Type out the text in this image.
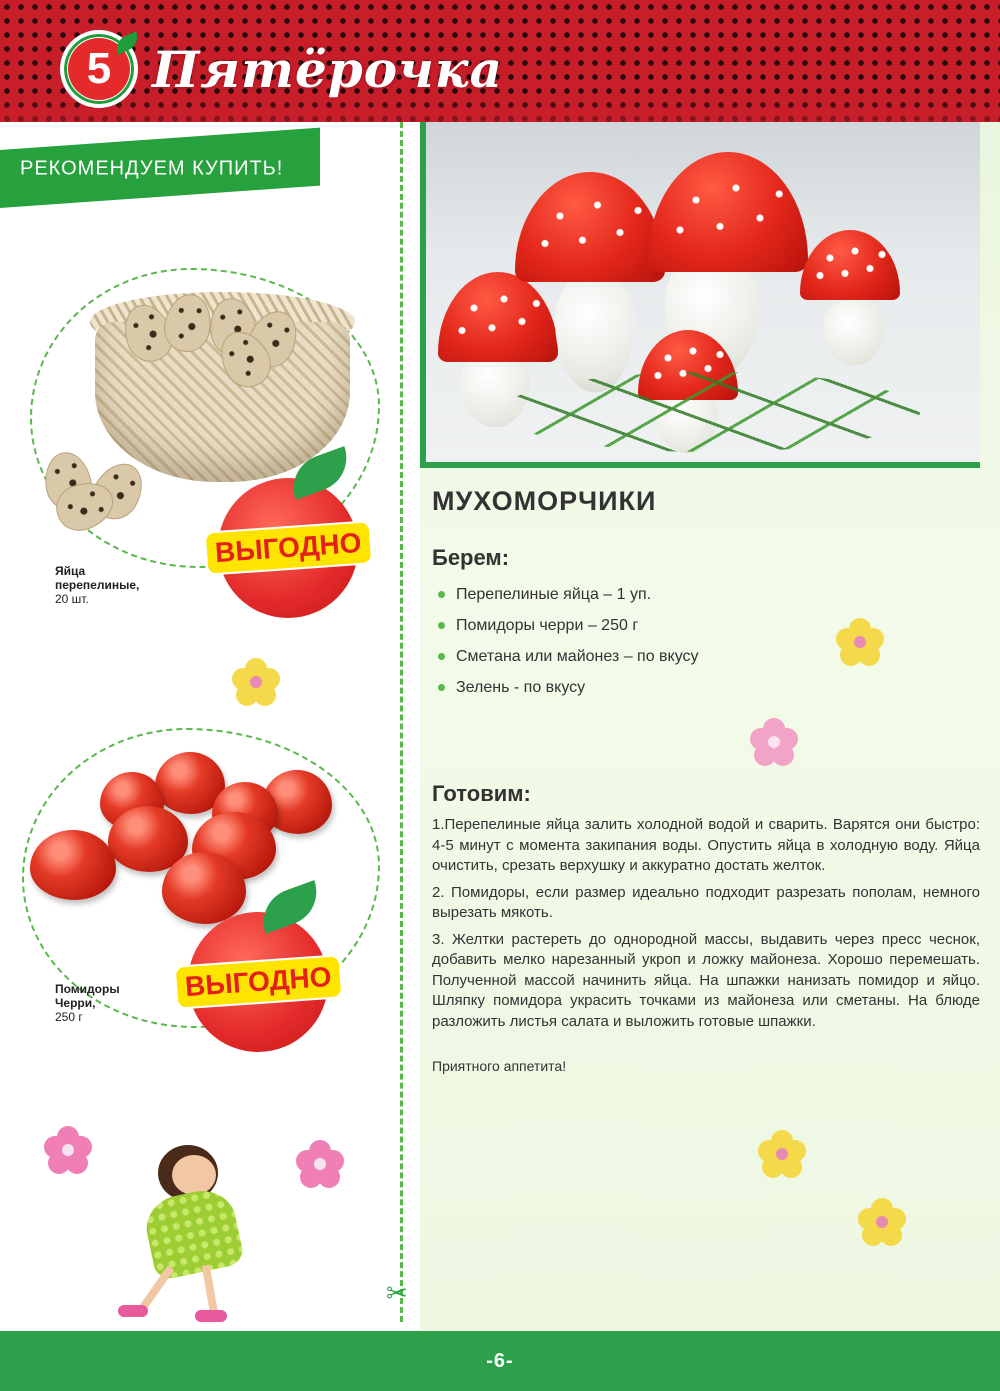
5 Пятёрочка
РЕКОМЕНДУЕМ КУПИТЬ!
ВЫГОДНО
Яйца
перепелиные,
20 шт.
ВЫГОДНО
Помидоры
Черри,
250 г
✂
МУХОМОРЧИКИ
Берем:
Перепелиные яйца – 1 уп.
Помидоры черри – 250 г
Сметана или майонез – по вкусу
Зелень - по вкусу
Готовим:

1.Перепелиные яйца залить холодной водой и сварить. Варятся они быстро: 4-5 минут с момента закипания воды. Опустить яйца в холодную воду. Яйца очистить, срезать верхушку и аккуратно достать желток.

2. Помидоры, если размер идеально подходит разрезать пополам, немного вырезать мякоть.

3. Желтки растереть до однородной массы, выдавить через пресс чеснок, добавить мелко нарезанный укроп и ложку майонеза. Хорошо перемешать. Полученной массой начинить яйца. На шпажки нанизать помидор и яйцо. Шляпку помидора украсить точками из майонеза или сметаны. На блюде разложить листья салата и выложить готовые шпажки.

Приятного аппетита!
-6-
